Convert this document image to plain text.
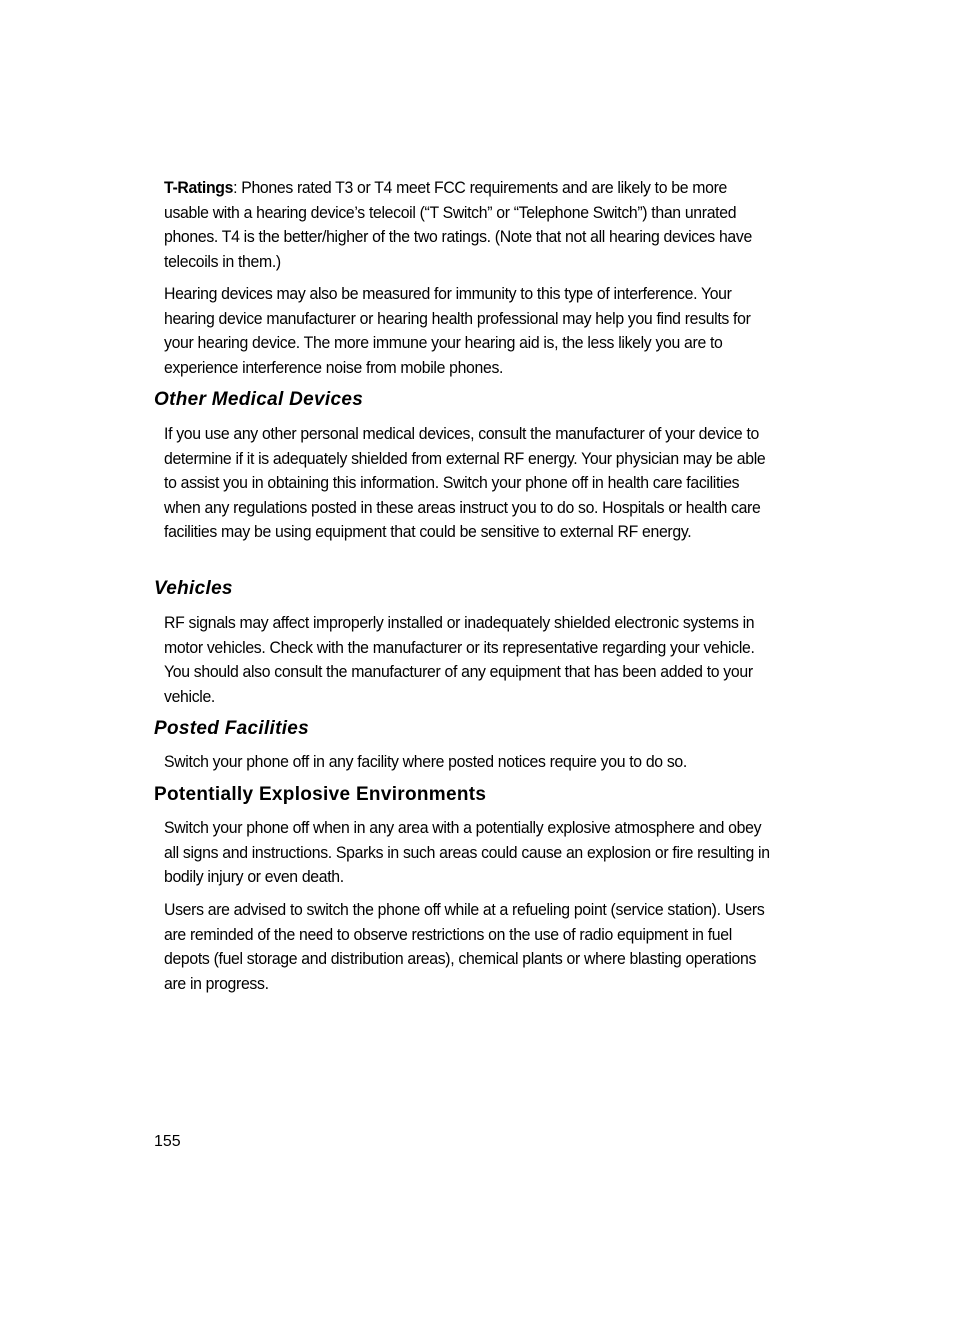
T-Ratings: Phones rated T3 or T4 meet FCC requirements and are likely to be more usable with a hearing device’s telecoil (“T Switch” or “Telephone Switch”) than unrated phones. T4 is the better/higher of the two ratings. (Note that not all hearing devices have telecoils in them.)

Hearing devices may also be measured for immunity to this type of interference. Your hearing device manufacturer or hearing health professional may help you find results for your hearing device. The more immune your hearing aid is, the less likely you are to experience interference noise from mobile phones.

Other Medical Devices

If you use any other personal medical devices, consult the manufacturer of your device to determine if it is adequately shielded from external RF energy. Your physician may be able to assist you in obtaining this information. Switch your phone off in health care facilities when any regulations posted in these areas instruct you to do so. Hospitals or health care facilities may be using equipment that could be sensitive to external RF energy.

Vehicles

RF signals may affect improperly installed or inadequately shielded electronic systems in motor vehicles. Check with the manufacturer or its representative regarding your vehicle. You should also consult the manufacturer of any equipment that has been added to your vehicle.

Posted Facilities

Switch your phone off in any facility where posted notices require you to do so.

Potentially Explosive Environments

Switch your phone off when in any area with a potentially explosive atmosphere and obey all signs and instructions. Sparks in such areas could cause an explosion or fire resulting in bodily injury or even death.

Users are advised to switch the phone off while at a refueling point (service station). Users are reminded of the need to observe restrictions on the use of radio equipment in fuel depots (fuel storage and distribution areas), chemical plants or where blasting operations are in progress.

155
